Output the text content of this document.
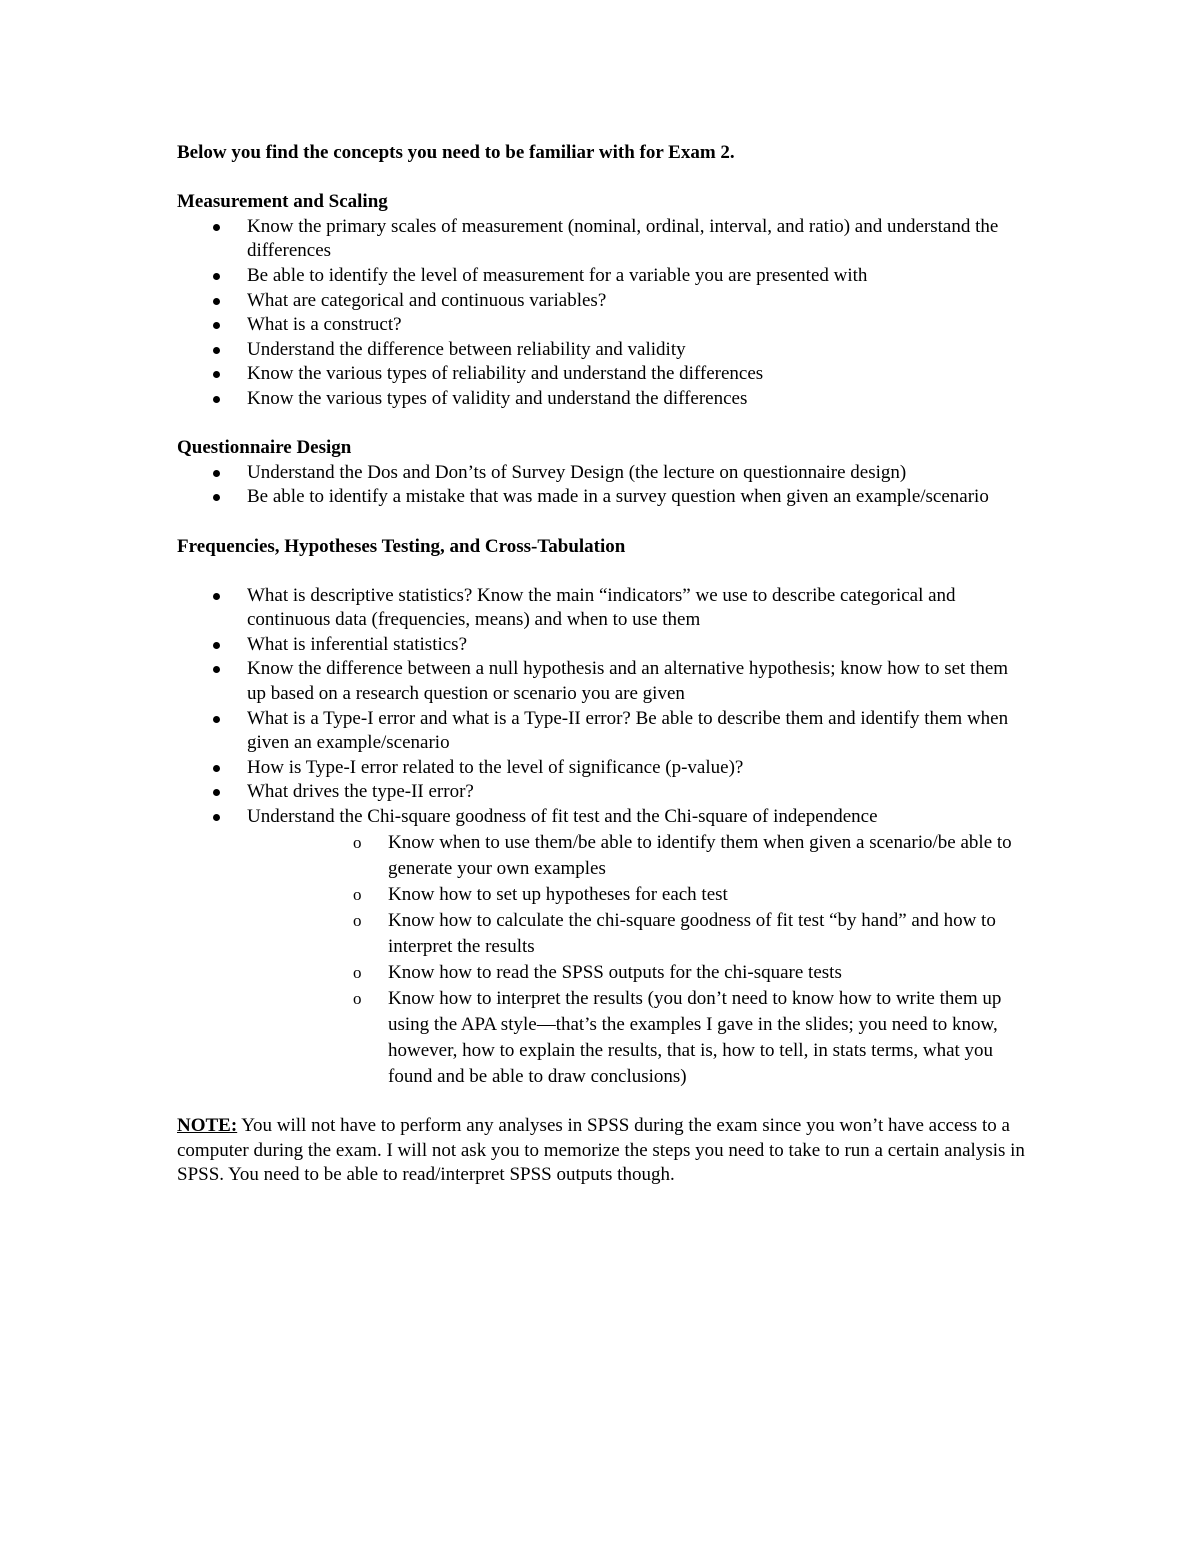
Below you find the concepts you need to be familiar with for Exam 2.

Measurement and Scaling

Know the primary scales of measurement (nominal, ordinal, interval, and ratio) and understand the differences
Be able to identify the level of measurement for a variable you are presented with
What are categorical and continuous variables?
What is a construct?
Understand the difference between reliability and validity
Know the various types of reliability and understand the differences
Know the various types of validity and understand the differences

Questionnaire Design

Understand the Dos and Don’ts of Survey Design (the lecture on questionnaire design)
Be able to identify a mistake that was made in a survey question when given an example/scenario

Frequencies, Hypotheses Testing, and Cross-Tabulation

What is descriptive statistics? Know the main “indicators” we use to describe categorical and continuous data (frequencies, means) and when to use them
What is inferential statistics?
Know the difference between a null hypothesis and an alternative hypothesis; know how to set them up based on a research question or scenario you are given
What is a Type-I error and what is a Type-II error? Be able to describe them and identify them when given an example/scenario
How is Type-I error related to the level of significance (p-value)?
What drives the type-II error?
Understand the Chi-square goodness of fit test and the Chi-square of independence
o Know when to use them/be able to identify them when given a scenario/be able to generate your own examples
o Know how to set up hypotheses for each test
o Know how to calculate the chi-square goodness of fit test “by hand” and how to interpret the results
o Know how to read the SPSS outputs for the chi-square tests
o Know how to interpret the results (you don’t need to know how to write them up using the APA style—that’s the examples I gave in the slides; you need to know, however, how to explain the results, that is, how to tell, in stats terms, what you found and be able to draw conclusions)

NOTE: You will not have to perform any analyses in SPSS during the exam since you won’t have access to a computer during the exam. I will not ask you to memorize the steps you need to take to run a certain analysis in SPSS. You need to be able to read/interpret SPSS outputs though.
